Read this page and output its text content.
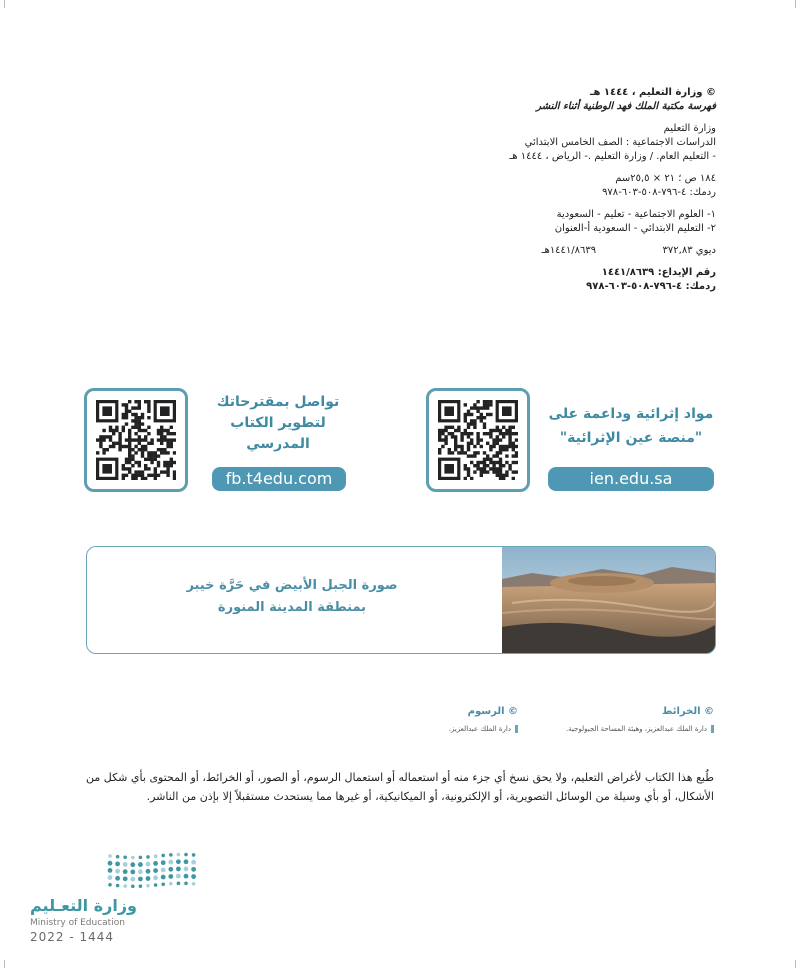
© وزارة التعليم ، ١٤٤٤ هـ
فهرسة مكتبة الملك فهد الوطنية أثناء النشر
وزارة التعليم
الدراسات الاجتماعية : الصف الخامس الابتدائي
- التعليم العام. / وزارة التعليم .- الرياض ، ١٤٤٤ هـ
١٨٤ ص ؛ ٢١ × ٢٥,٥سم
ردمك: ٤-٧٩٦-٥٠٨-٦٠٣-٩٧٨
١- العلوم الاجتماعية - تعليم - السعودية
٢- التعليم الابتدائي - السعودية أ-العنوان
ديوي ٣٧٢,٨٣  ١٤٤١/٨٦٣٩هـ
رقم الإيداع: ١٤٤١/٨٦٣٩
ردمك: ٤-٧٩٦-٥٠٨-٦٠٣-٩٧٨
مواد إثرائية وداعمة على
"منصة عين الإثرائية"
ien.edu.sa
تواصل بمقترحاتك
لتطوير الكتاب
المدرسي
fb.t4edu.com
صورة الجبل الأبيض في حَرَّة خيبر
بمنطقة المدينة المنورة
© الخرائط
دارة الملك عبدالعزيز، وهيئة المساحة الجيولوجية.
© الرسوم
دارة الملك عبدالعزيز.
طُبع هذا الكتاب لأغراض التعليم، ولا يحق نسخ أي جزء منه أو استعماله أو استعمال الرسوم، أو الصور، أو الخرائط، أو المحتوى بأي شكل من الأشكال، أو بأي وسيلة من الوسائل التصويرية، أو الإلكترونية، أو الميكانيكية، أو غيرها مما يستحدث مستقبلاً إلا بإذن من الناشر.
وزارة التعـليم
Ministry of Education
2022 - 1444
